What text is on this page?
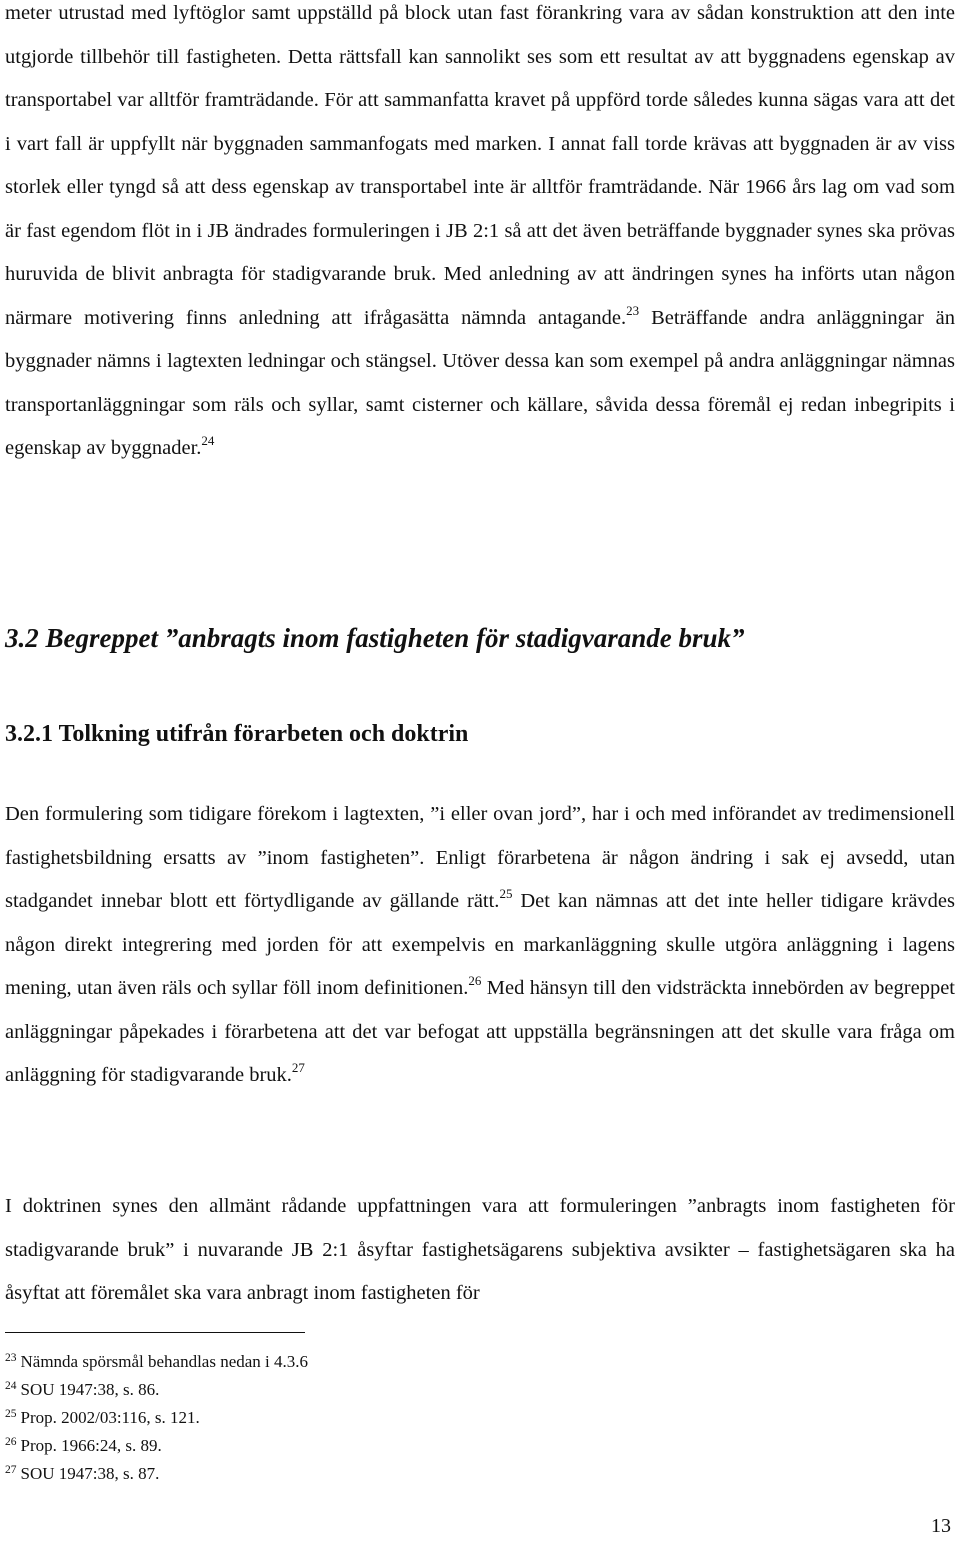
meter utrustad med lyftöglor samt uppställd på block utan fast förankring vara av sådan konstruktion att den inte utgjorde tillbehör till fastigheten. Detta rättsfall kan sannolikt ses som ett resultat av att byggnadens egenskap av transportabel var alltför framträdande. För att sammanfatta kravet på uppförd torde således kunna sägas vara att det i vart fall är uppfyllt när byggnaden sammanfogats med marken. I annat fall torde krävas att byggnaden är av viss storlek eller tyngd så att dess egenskap av transportabel inte är alltför framträdande. När 1966 års lag om vad som är fast egendom flöt in i JB ändrades formuleringen i JB 2:1 så att det även beträffande byggnader synes ska prövas huruvida de blivit anbragta för stadigvarande bruk. Med anledning av att ändringen synes ha införts utan någon närmare motivering finns anledning att ifrågasätta nämnda antagande.$^{23}$ Beträffande andra anläggningar än byggnader nämns i lagtexten ledningar och stängsel. Utöver dessa kan som exempel på andra anläggningar nämnas transportanläggningar som räls och syllar, samt cisterner och källare, såvida dessa föremål ej redan inbegripits i egenskap av byggnader.$^{24}$

3.2 Begreppet ”anbragts inom fastigheten för stadigvarande bruk”
3.2.1 Tolkning utifrån förarbeten och doktrin

Den formulering som tidigare förekom i lagtexten, ”i eller ovan jord”, har i och med införandet av tredimensionell fastighetsbildning ersatts av ”inom fastigheten”. Enligt förarbetena är någon ändring i sak ej avsedd, utan stadgandet innebar blott ett förtydligande av gällande rätt.$^{25}$ Det kan nämnas att det inte heller tidigare krävdes någon direkt integrering med jorden för att exempelvis en markanläggning skulle utgöra anläggning i lagens mening, utan även räls och syllar föll inom definitionen.$^{26}$ Med hänsyn till den vidsträckta innebörden av begreppet anläggningar påpekades i förarbetena att det var befogat att uppställa begränsningen att det skulle vara fråga om anläggning för stadigvarande bruk.$^{27}$

I doktrinen synes den allmänt rådande uppfattningen vara att formuleringen ”anbragts inom fastigheten för stadigvarande bruk” i nuvarande JB 2:1 åsyftar fastighetsägarens subjektiva avsikter – fastighetsägaren ska ha åsyftat att föremålet ska vara anbragt inom fastigheten för

$^{23}$ Nämnda spörsmål behandlas nedan i 4.3.6
$^{24}$ SOU 1947:38, s. 86.
$^{25}$ Prop. 2002/03:116, s. 121.
$^{26}$ Prop. 1966:24, s. 89.
$^{27}$ SOU 1947:38, s. 87.
13
